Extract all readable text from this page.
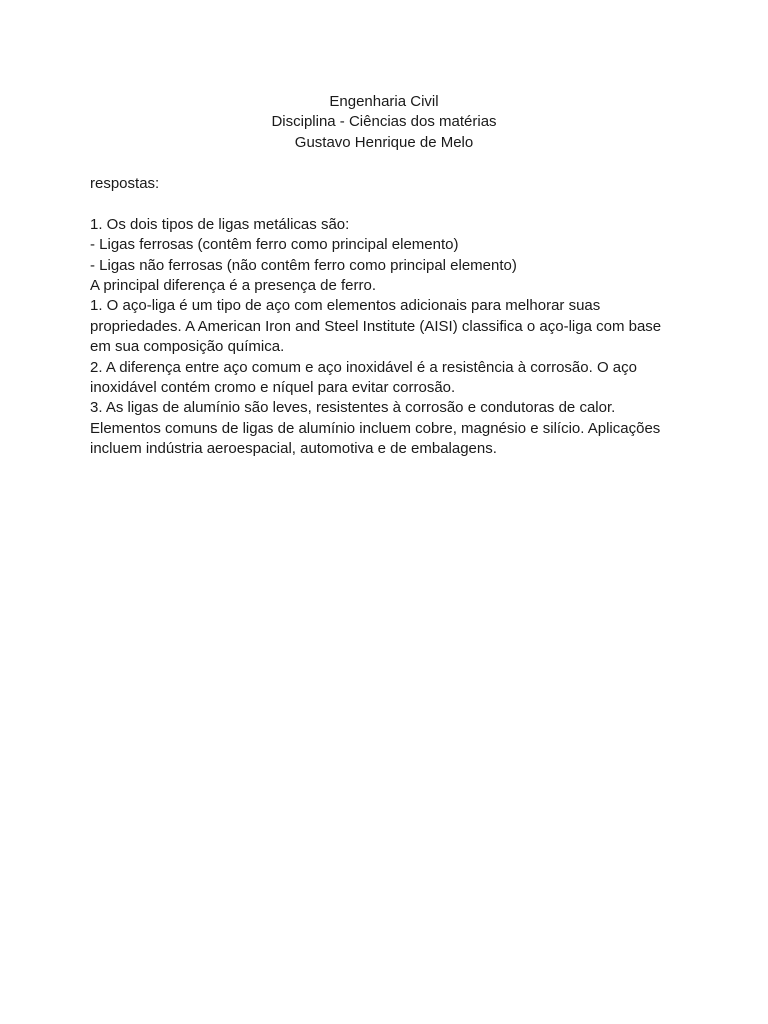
Engenharia Civil
Disciplina - Ciências dos matérias
Gustavo Henrique de Melo
respostas:
1. Os dois tipos de ligas metálicas são:
- Ligas ferrosas (contêm ferro como principal elemento)
- Ligas não ferrosas (não contêm ferro como principal elemento)
A principal diferença é a presença de ferro.
1. O aço-liga é um tipo de aço com elementos adicionais para melhorar suas
propriedades. A American Iron and Steel Institute (AISI) classifica o aço-liga com base
em sua composição química.
2. A diferença entre aço comum e aço inoxidável é a resistência à corrosão. O aço
inoxidável contém cromo e níquel para evitar corrosão.
3. As ligas de alumínio são leves, resistentes à corrosão e condutoras de calor.
Elementos comuns de ligas de alumínio incluem cobre, magnésio e silício. Aplicações
incluem indústria aeroespacial, automotiva e de embalagens.
